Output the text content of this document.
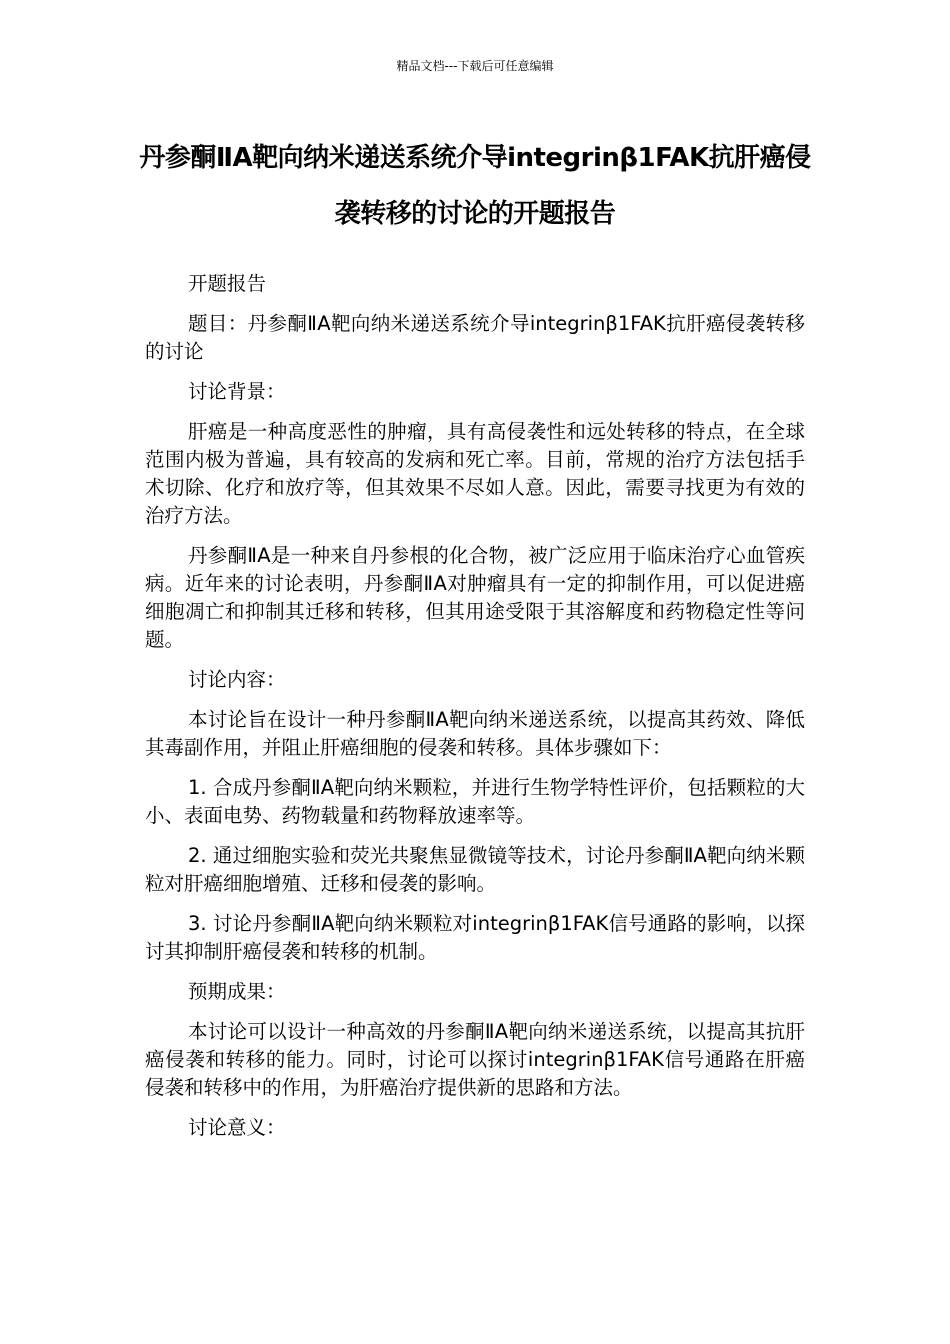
精品文档---下载后可任意编辑
丹参酮ⅡA靶向纳米递送系统介导integrinβ1FAK抗肝癌侵袭转移的讨论的开题报告

开题报告

题目：丹参酮ⅡA靶向纳米递送系统介导integrinβ1FAK抗肝癌侵袭转移的讨论

讨论背景：

肝癌是一种高度恶性的肿瘤，具有高侵袭性和远处转移的特点，在全球范围内极为普遍，具有较高的发病和死亡率。目前，常规的治疗方法包括手术切除、化疗和放疗等，但其效果不尽如人意。因此，需要寻找更为有效的治疗方法。

丹参酮ⅡA是一种来自丹参根的化合物，被广泛应用于临床治疗心血管疾病。近年来的讨论表明，丹参酮ⅡA对肿瘤具有一定的抑制作用，可以促进癌细胞凋亡和抑制其迁移和转移，但其用途受限于其溶解度和药物稳定性等问题。

讨论内容：

本讨论旨在设计一种丹参酮ⅡA靶向纳米递送系统，以提高其药效、降低其毒副作用，并阻止肝癌细胞的侵袭和转移。具体步骤如下：

1. 合成丹参酮ⅡA靶向纳米颗粒，并进行生物学特性评价，包括颗粒的大小、表面电势、药物载量和药物释放速率等。

2. 通过细胞实验和荧光共聚焦显微镜等技术，讨论丹参酮ⅡA靶向纳米颗粒对肝癌细胞增殖、迁移和侵袭的影响。

3. 讨论丹参酮ⅡA靶向纳米颗粒对integrinβ1FAK信号通路的影响，以探讨其抑制肝癌侵袭和转移的机制。

预期成果：

本讨论可以设计一种高效的丹参酮ⅡA靶向纳米递送系统，以提高其抗肝癌侵袭和转移的能力。同时，讨论可以探讨integrinβ1FAK信号通路在肝癌侵袭和转移中的作用，为肝癌治疗提供新的思路和方法。

讨论意义：
